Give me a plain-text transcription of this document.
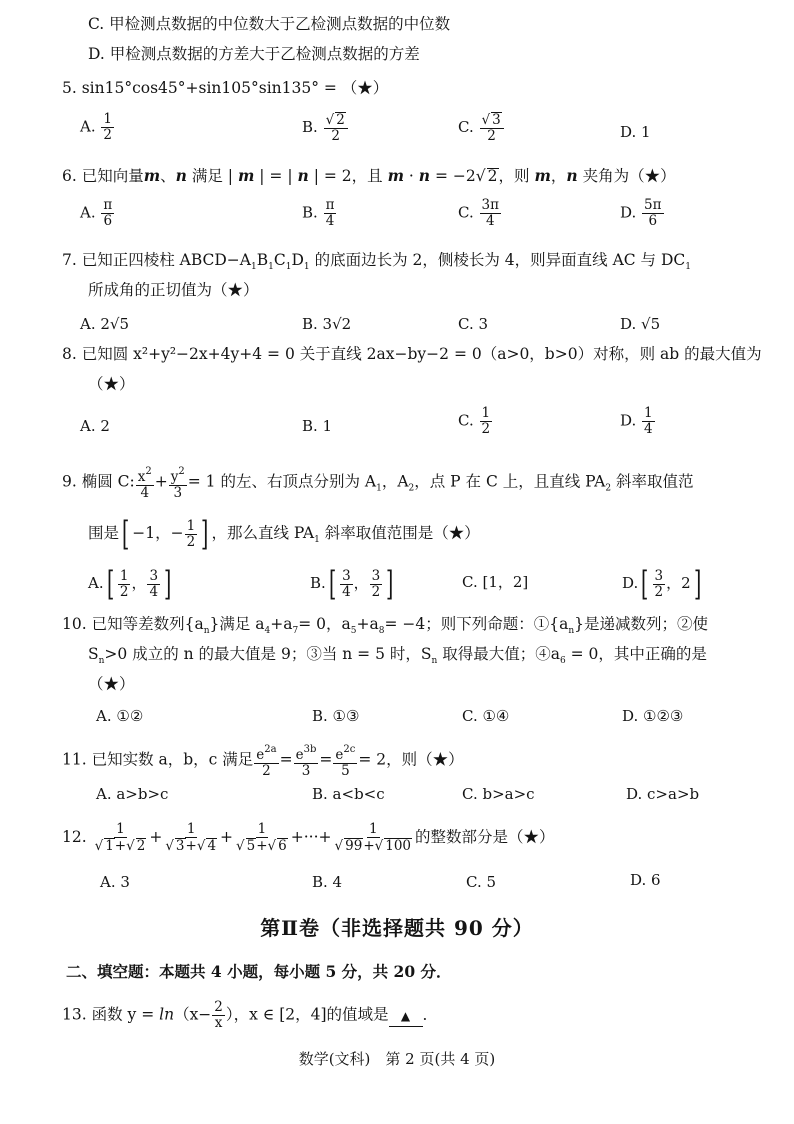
C. 甲检测点数据的中位数大于乙检测点数据的中位数
D. 甲检测点数据的方差大于乙检测点数据的方差
5. sin15°cos45°+sin105°sin135° = （★）
A. $\frac{1}{2}$	B. $\frac{√ 2}{2}$	C. $\frac{√ 3}{2}$	D. 1
6. 已知向量m、n 满足 | m | = | n | = 2，且 m · n = −2√ 2，则 m，n 夹角为（★）
A. $\frac{\pi}{6}$	B. $\frac{\pi}{4}$	C. $\frac{3\pi}{4}$	D. $\frac{5\pi}{6}$
7. 已知正四棱柱 $ABCD-A_1B_1C_1D_1$ 的底面边长为 2，侧棱长为 4，则异面直线 AC 与 $DC_1$
所成角的正切值为（★）
A. 2√5	B. 3√2	C. 3	D. √5
8. 已知圆 x²+y²−2x+4y+4 = 0 关于直线 2ax−by−2 = 0（a>0，b>0）对称，则 ab 的最大值为
（★）
A. 2	B. 1	C. $\frac{1}{2}$	D. $\frac{1}{4}$
9. 椭圆 C: $\frac{x^2}{4} + \frac{y^2}{3} = 1$ 的左、右顶点分别为 $A_1$，$A_2$，点 P 在 C 上，且直线 $PA_2$ 斜率取值范
围是[ −1，− $\frac{1}{2}$ ] ，那么直线 $PA_1$ 斜率取值范围是（★）
$A.[ \frac{1}{2}$ ， $\frac{3}{4}$ ]	$B.[ \frac{3}{4}$ ， $\frac{3}{2}$ ]	C. [1，2]	$D.[ \frac{3}{2}$ ，2]
10. 已知等差数列$\{a_n\}$满足 $a_4+a_7= 0$，$a_5+a_8= -4$；则下列命题：$①\{a_n\}$是递减数列；②使
$S_n>0$ 成立的 n 的最大值是 9；③当 n = 5 时，$S_n$ 取得最大值；$④a_6 = 0$，其中正确的是
（★）
A. ①②	B. ①③	C. ①④	D. ①②③
11. 已知实数 a，b，c 满足 $\frac{e^{2a}}{2} = \frac{e^{3b}}{3} = \frac{e^{2c}}{5} = 2$，则（★）
A. a>b>c	B. a<b<c	C. b>a>c	D. c>a>b
12. $\frac{1}{√ 1+√ 2} + \frac{1}{√ 3+√ 4} + \frac{1}{√ 5+√ 6}$ +···+ $\frac{1}{√ 99+√ 100}$ 的整数部分是（★）
A. 3	B. 4	C. 5	D. 6
第Ⅱ卷（非选择题共 90 分）
二、填空题：本题共 4 小题，每小题 5 分，共 20 分．
13. 函数 $y = \ln(x- \frac{2}{x}$ ），x ∈ [2，4]的值域是 ▲ ．
数学(文科)　第 2 页(共 4 页)
